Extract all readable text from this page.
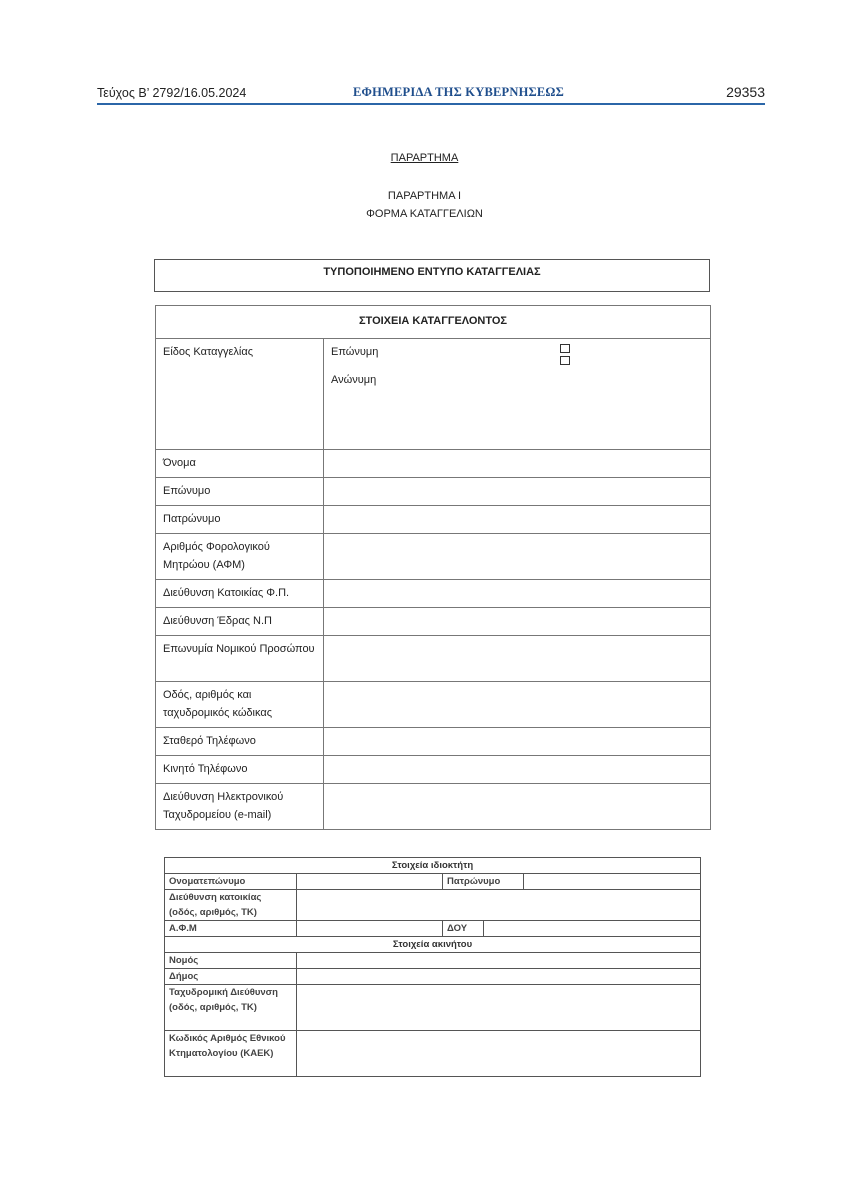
Τεύχος Β’ 2792/16.05.2024	ΕΦΗΜΕΡΙΔΑ ΤΗΣ ΚΥΒΕΡΝΗΣΕΩΣ	29353
ΠΑΡΑΡΤΗΜΑ
ΠΑΡΑΡΤΗΜΑ Ι
ΦΟΡΜΑ ΚΑΤΑΓΓΕΛΙΩΝ
ΤΥΠΟΠΟΙΗΜΕΝΟ ΕΝΤΥΠΟ ΚΑΤΑΓΓΕΛΙΑΣ
ΣΤΟΙΧΕΙΑ ΚΑΤΑΓΓΕΛΟΝΤΟΣ	
Είδος Καταγγελίας	Επώνυμη
Ανώνυμη

Όνομα	
Επώνυμο	
Πατρώνυμο	
Αριθμός Φορολογικού Μητρώου (ΑΦΜ)	
Διεύθυνση Κατοικίας Φ.Π.	
Διεύθυνση Έδρας Ν.Π	
Επωνυμία Νομικού Προσώπου	
Οδός, αριθμός και ταχυδρομικός κώδικας	
Σταθερό Τηλέφωνο	
Κινητό Τηλέφωνο	
Διεύθυνση Ηλεκτρονικού Ταχυδρομείου (e-mail)	
Στοιχεία ιδιοκτήτη				
Ονοματεπώνυμο		Πατρώνυμο		
Διεύθυνση κατοικίας (οδός, αριθμός, ΤΚ)				
Α.Φ.Μ		ΔΟΥ		
Στοιχεία ακινήτου				
Νομός				
Δήμος				
Ταχυδρομική Διεύθυνση (οδός, αριθμός, ΤΚ)				
Κωδικός Αριθμός Εθνικού Κτηματολογίου (ΚΑΕΚ)				
